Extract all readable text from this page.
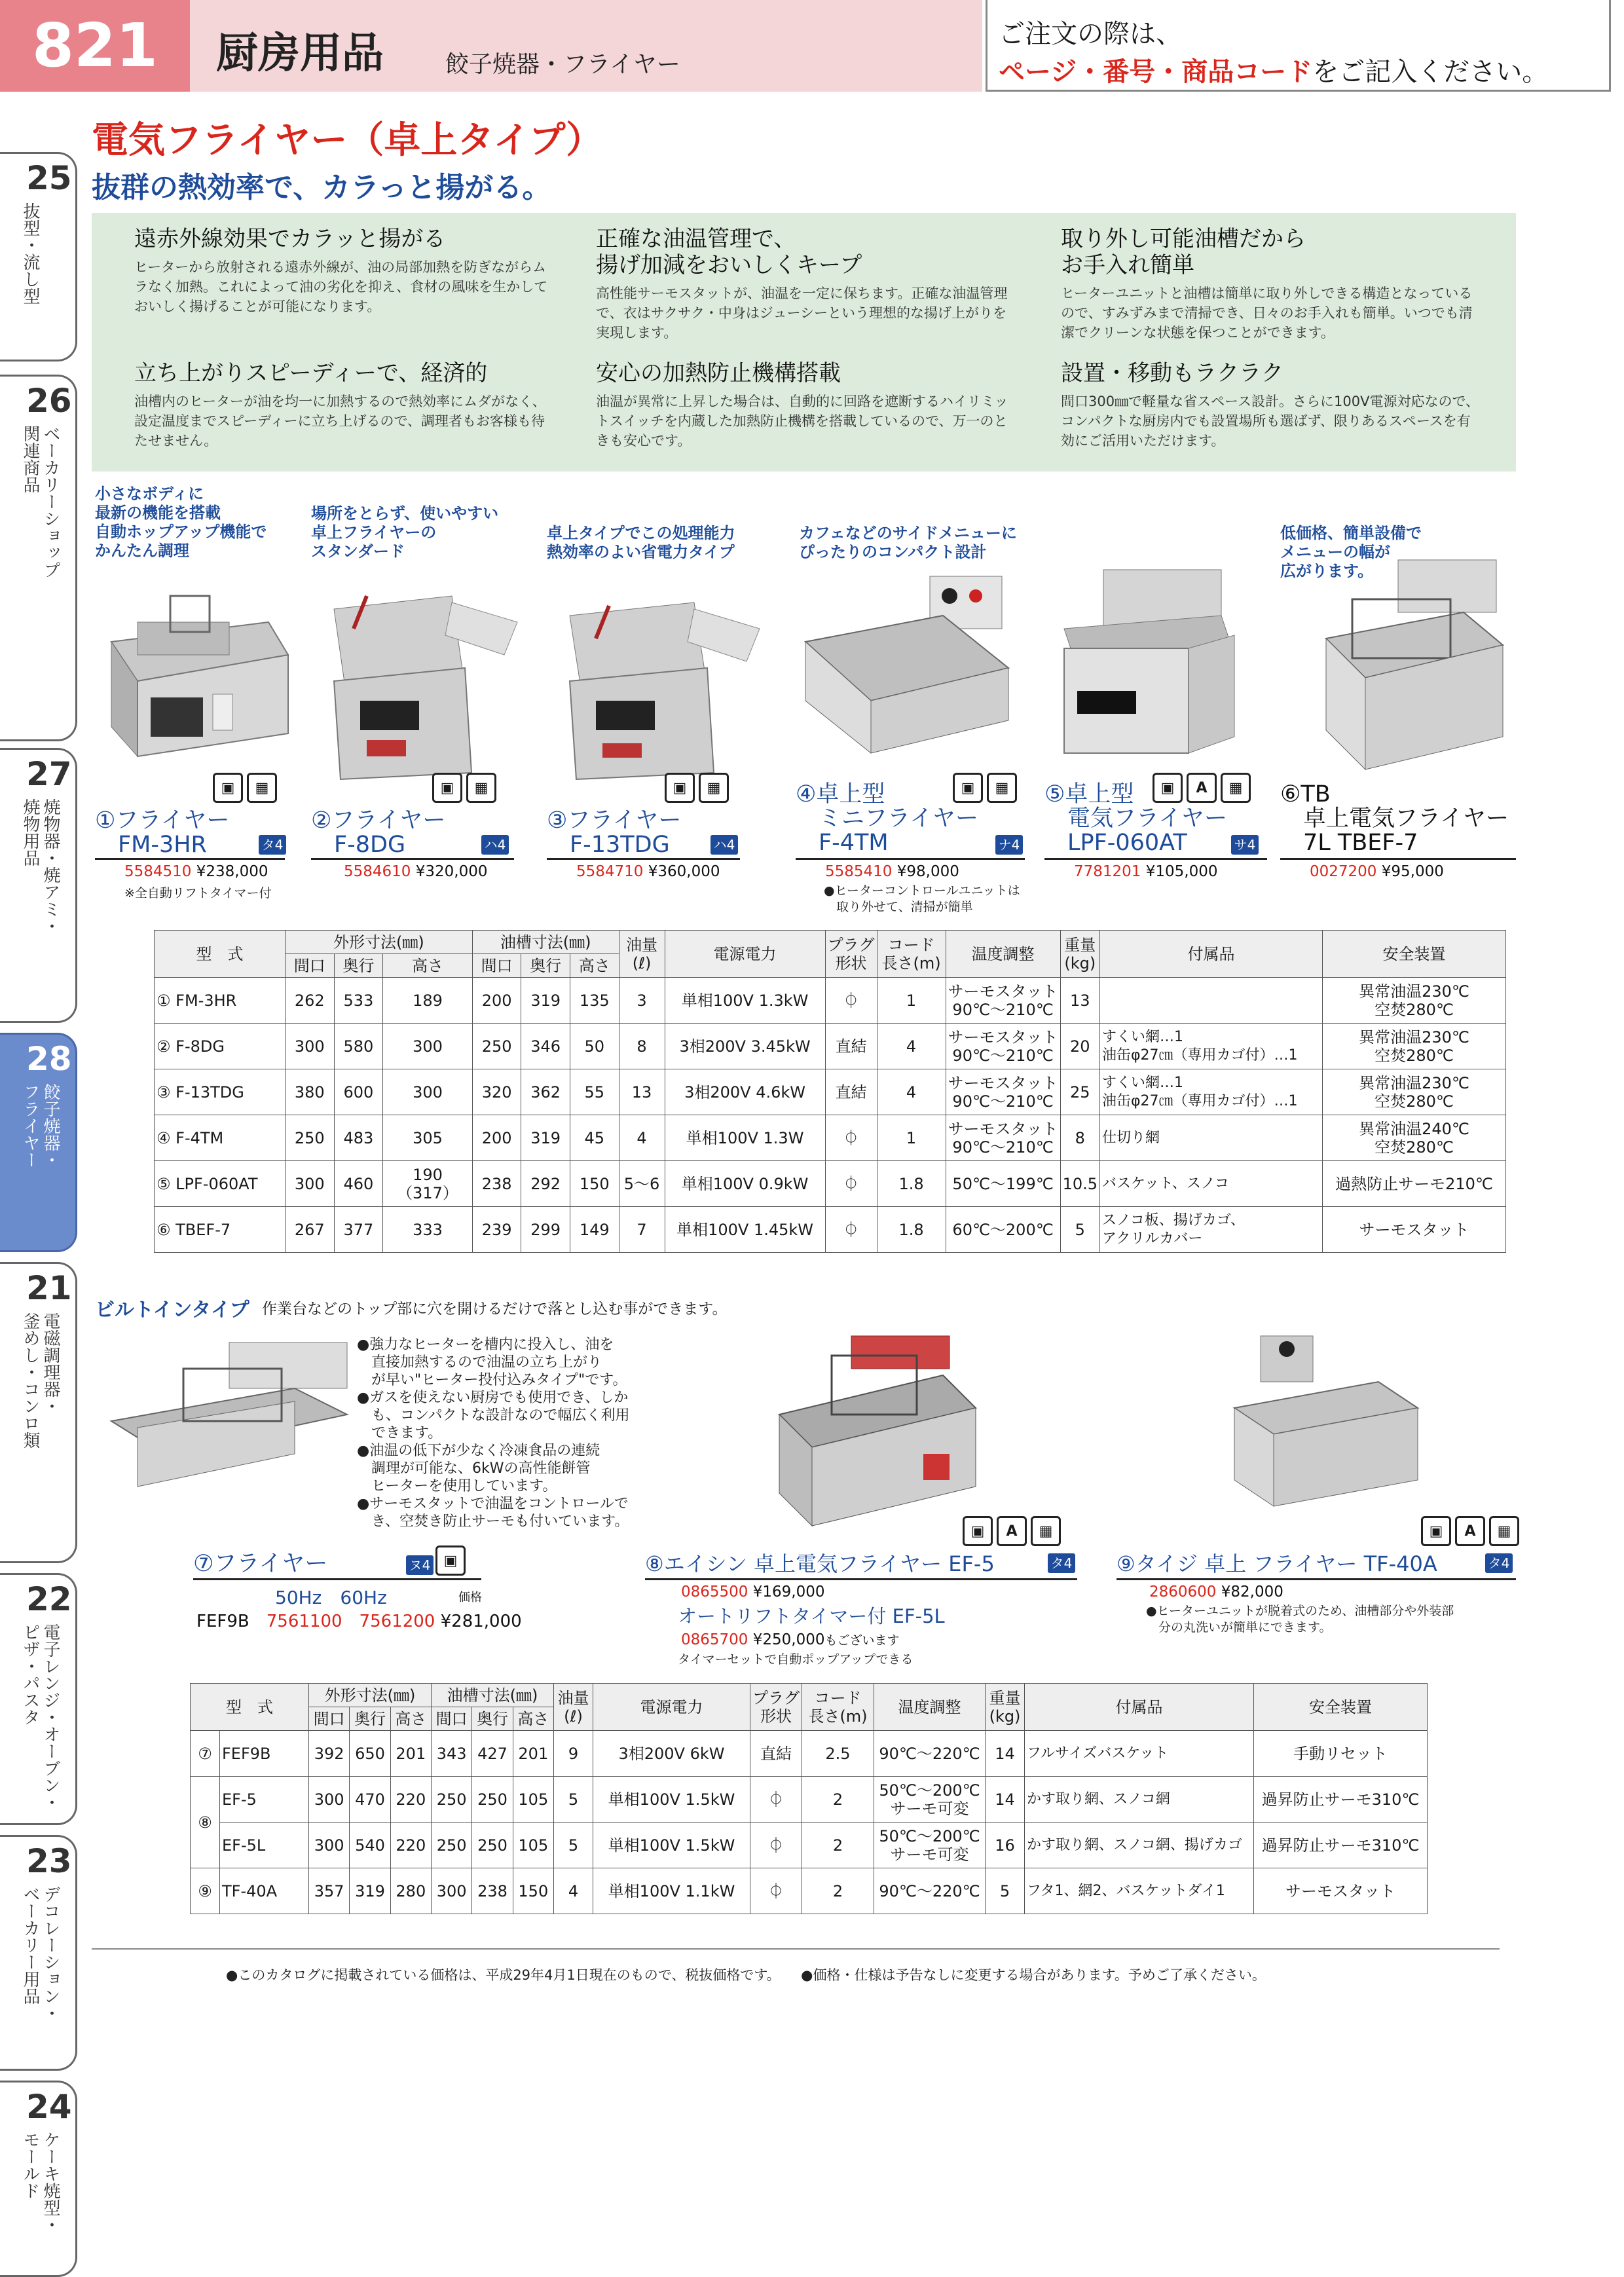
821	厨房用品	餃子焼器・フライヤー
ご注文の際は、
ページ・番号・商品コードをご記入ください。
25
抜型・流し型
26
ベーカリーショップ
関連商品
27
焼物器・焼アミ・
焼物用品
28
餃子焼器・
フライヤー
21
電磁調理器・
釜めし・コンロ類
22
電子レンジ・オーブン・
ピザ・パスタ
23
デコレーション・
ベーカリー用品
24
ケーキ焼型・
モールド
電気フライヤー（卓上タイプ）
抜群の熱効率で、カラっと揚がる。
遠赤外線効果でカラッと揚がる

ヒーターから放射される遠赤外線が、油の局部加熱を防ぎながらムラなく加熱。これによって油の劣化を抑え、食材の風味を生かしておいしく揚げることが可能になります。

正確な油温管理で、
揚げ加減をおいしくキープ

高性能サーモスタットが、油温を一定に保ちます。正確な油温管理で、衣はサクサク・中身はジューシーという理想的な揚げ上がりを実現します。

取り外し可能油槽だから
お手入れ簡単

ヒーターユニットと油槽は簡単に取り外しできる構造となっているので、すみずみまで清掃でき、日々のお手入れも簡単。いつでも清潔でクリーンな状態を保つことができます。

立ち上がりスピーディーで、経済的

油槽内のヒーターが油を均一に加熱するので熱効率にムダがなく、設定温度までスピーディーに立ち上げるので、調理者もお客様も待たせません。

安心の加熱防止機構搭載

油温が異常に上昇した場合は、自動的に回路を遮断するハイリミットスイッチを内蔵した加熱防止機構を搭載しているので、万一のときも安心です。

設置・移動もラクラク

間口300㎜で軽量な省スペース設計。さらに100V電源対応なので、コンパクトな厨房内でも設置場所も選ばず、限りあるスペースを有効にご活用いただけます。

小さなボディに
最新の機能を搭載
自動ホップアップ機能で
かんたん調理
場所をとらず、使いやすい
卓上フライヤーの
スタンダード
卓上タイプでこの処理能力
熱効率のよい省電力タイプ
カフェなどのサイドメニューに
ぴったりのコンパクト設計
低価格、簡単設備で
メニューの幅が
広がります。
▣	▦	▣	▦	▣	▦	▣	▦	▣	A	▦
①フライヤー
　FM-3HR	タ4
5584510 ¥238,000
※全自動リフトタイマー付
②フライヤー
　F-8DG	ハ4
5584610 ¥320,000
③フライヤー
　F-13TDG	ハ4
5584710 ¥360,000
④卓上型
　ミニフライヤー
　F-4TM	ナ4
5585410 ¥98,000
●ヒーターコントロールユニットは
　取り外せて、清掃が簡単
⑤卓上型
　電気フライヤー
　LPF-060AT	サ4
7781201 ¥105,000
⑥TB
　卓上電気フライヤー
　7L TBEF-7
0027200 ¥95,000
型　式	外形寸法(㎜)			油槽寸法(㎜)			油量
(ℓ)	電源電力	プラグ
形状	コード
長さ(m)	温度調整	重量
(kg)	付属品	安全装置
	間口	奥行	高さ	間口	奥行	高さ								
① FM-3HR	262	533	189	200	319	135	3	単相100V 1.3kW	⏀	1	サーモスタット
90℃～210℃	13		異常油温230℃
空焚280℃
② F-8DG	300	580	300	250	346	50	8	3相200V 3.45kW	直結	4	サーモスタット
90℃～210℃	20	すくい網…1
油缶φ27㎝（専用カゴ付）…1	異常油温230℃
空焚280℃
③ F-13TDG	380	600	300	320	362	55	13	3相200V 4.6kW	直結	4	サーモスタット
90℃～210℃	25	すくい網…1
油缶φ27㎝（専用カゴ付）…1	異常油温230℃
空焚280℃
④ F-4TM	250	483	305	200	319	45	4	単相100V 1.3W	⏀	1	サーモスタット
90℃～210℃	8	仕切り網	異常油温240℃
空焚280℃
⑤ LPF-060AT	300	460	190
（317）	238	292	150	5～6	単相100V 0.9kW	⏀	1.8	50℃～199℃	10.5	バスケット、スノコ	過熱防止サーモ210℃
⑥ TBEF-7	267	377	333	239	299	149	7	単相100V 1.45kW	⏀	1.8	60℃～200℃	5	スノコ板、揚げカゴ、
アクリルカバー	サーモスタット
ビルトインタイプ 作業台などのトップ部に穴を開けるだけで落とし込む事ができます。
●強力なヒーターを槽内に投入し、油を
　直接加熱するので油温の立ち上がり
　が早い"ヒーター投付込みタイプ"です。
●ガスを使えない厨房でも使用でき、しか
　も、コンパクトな設計なので幅広く利用
　できます。
●油温の低下が少なく冷凍食品の連続
　調理が可能な、6kWの高性能餅管
　ヒーターを使用しています。
●サーモスタットで油温をコントロールで
　き、空焚き防止サーモも付いています。
▣
⑦フライヤー	ヌ4
50Hz　60Hz	価格
FEF9B　 7561100　 7561200 ¥281,000
▣	A	▦
⑧エイシン 卓上電気フライヤー EF-5	タ4
0865500 ¥169,000
オートリフトタイマー付 EF-5L
0865700 ¥250,000もございます
タイマーセットで自動ポップアップできる
▣	A	▦
⑨タイジ 卓上 フライヤー TF-40A	タ4
2860600 ¥82,000
●ヒーターユニットが脱着式のため、油槽部分や外装部
　分の丸洗いが簡単にできます。
型　式		外形寸法(㎜)			油槽寸法(㎜)			油量
(ℓ)	電源電力	プラグ
形状	コード
長さ(m)	温度調整	重量
(kg)	付属品	安全装置
		間口	奥行	高さ	間口	奥行	高さ								
⑦	FEF9B	392	650	201	343	427	201	9	3相200V 6kW	直結	2.5	90℃～220℃	14	フルサイズバスケット	手動リセット
⑧	EF-5	300	470	220	250	250	105	5	単相100V 1.5kW	⏀	2	50℃～200℃
サーモ可変	14	かす取り網、スノコ網	過昇防止サーモ310℃
	EF-5L	300	540	220	250	250	105	5	単相100V 1.5kW	⏀	2	50℃～200℃
サーモ可変	16	かす取り網、スノコ網、揚げカゴ	過昇防止サーモ310℃
⑨	TF-40A	357	319	280	300	238	150	4	単相100V 1.1kW	⏀	2	90℃～220℃	5	フタ1、網2、バスケットダイ1	サーモスタット
●このカタログに掲載されている価格は、平成29年4月1日現在のもので、税抜価格です。　　 ●価格・仕様は予告なしに変更する場合があります。予めご了承ください。
